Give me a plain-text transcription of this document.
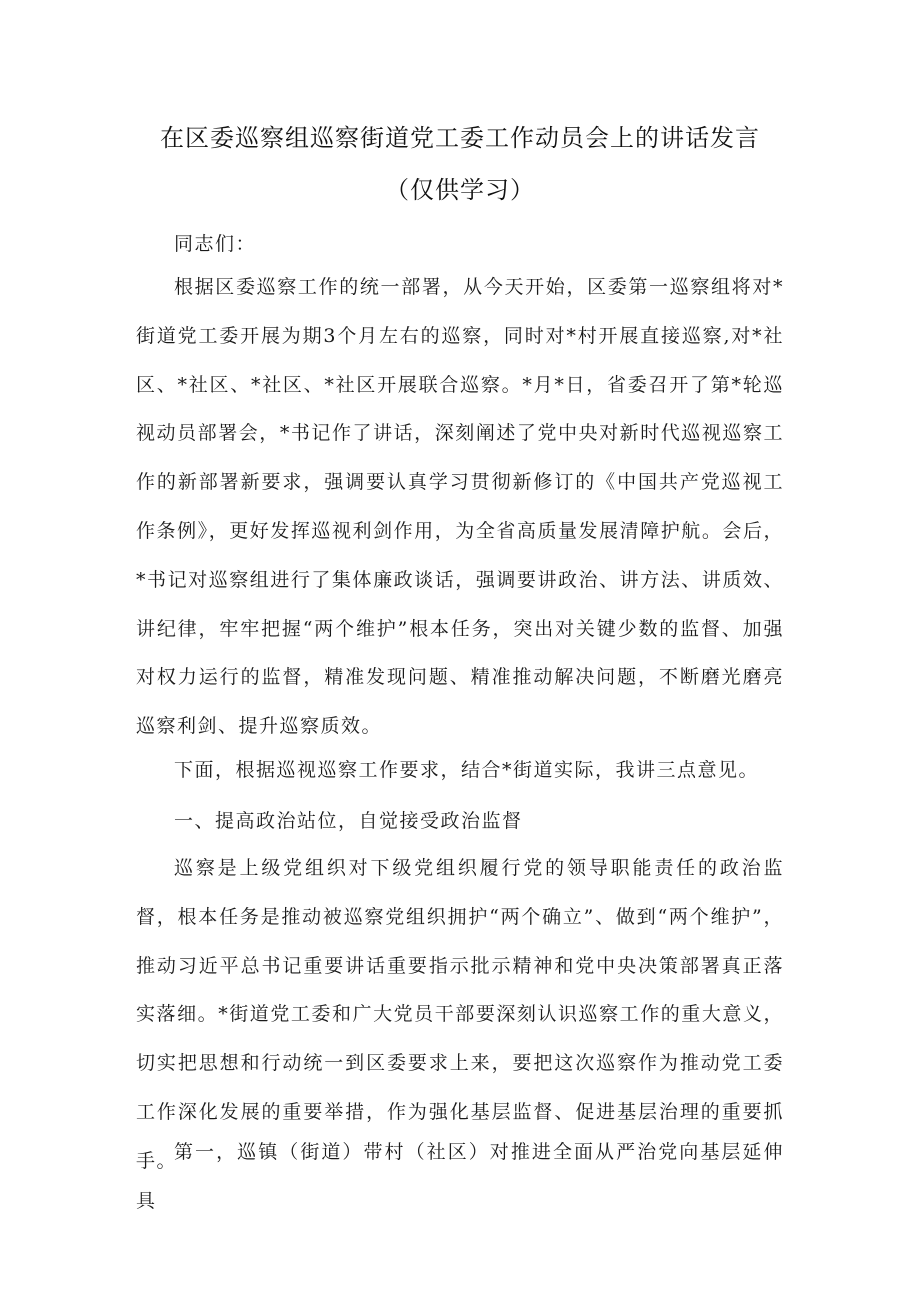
在区委巡察组巡察街道党工委工作动员会上的讲话发言
（仅供学习）

同志们：

根据区委巡察工作的统一部署，从今天开始，区委第一巡察组将对*街道党工委开展为期3个月左右的巡察，同时对*村开展直接巡察,对*社区、*社区、*社区、*社区开展联合巡察。*月*日，省委召开了第*轮巡视动员部署会，*书记作了讲话，深刻阐述了党中央对新时代巡视巡察工作的新部署新要求，强调要认真学习贯彻新修订的《中国共产党巡视工作条例》，更好发挥巡视利剑作用，为全省高质量发展清障护航。会后，*书记对巡察组进行了集体廉政谈话，强调要讲政治、讲方法、讲质效、讲纪律，牢牢把握“两个维护”根本任务，突出对关键少数的监督、加强对权力运行的监督，精准发现问题、精准推动解决问题，不断磨光磨亮巡察利剑、提升巡察质效。

下面，根据巡视巡察工作要求，结合*街道实际，我讲三点意见。

一、提高政治站位，自觉接受政治监督

巡察是上级党组织对下级党组织履行党的领导职能责任的政治监督，根本任务是推动被巡察党组织拥护“两个确立”、做到“两个维护”，推动习近平总书记重要讲话重要指示批示精神和党中央决策部署真正落实落细。*街道党工委和广大党员干部要深刻认识巡察工作的重大意义，切实把思想和行动统一到区委要求上来，要把这次巡察作为推动党工委工作深化发展的重要举措，作为强化基层监督、促进基层治理的重要抓手。

第一，巡镇（街道）带村（社区）对推进全面从严治党向基层延伸具
